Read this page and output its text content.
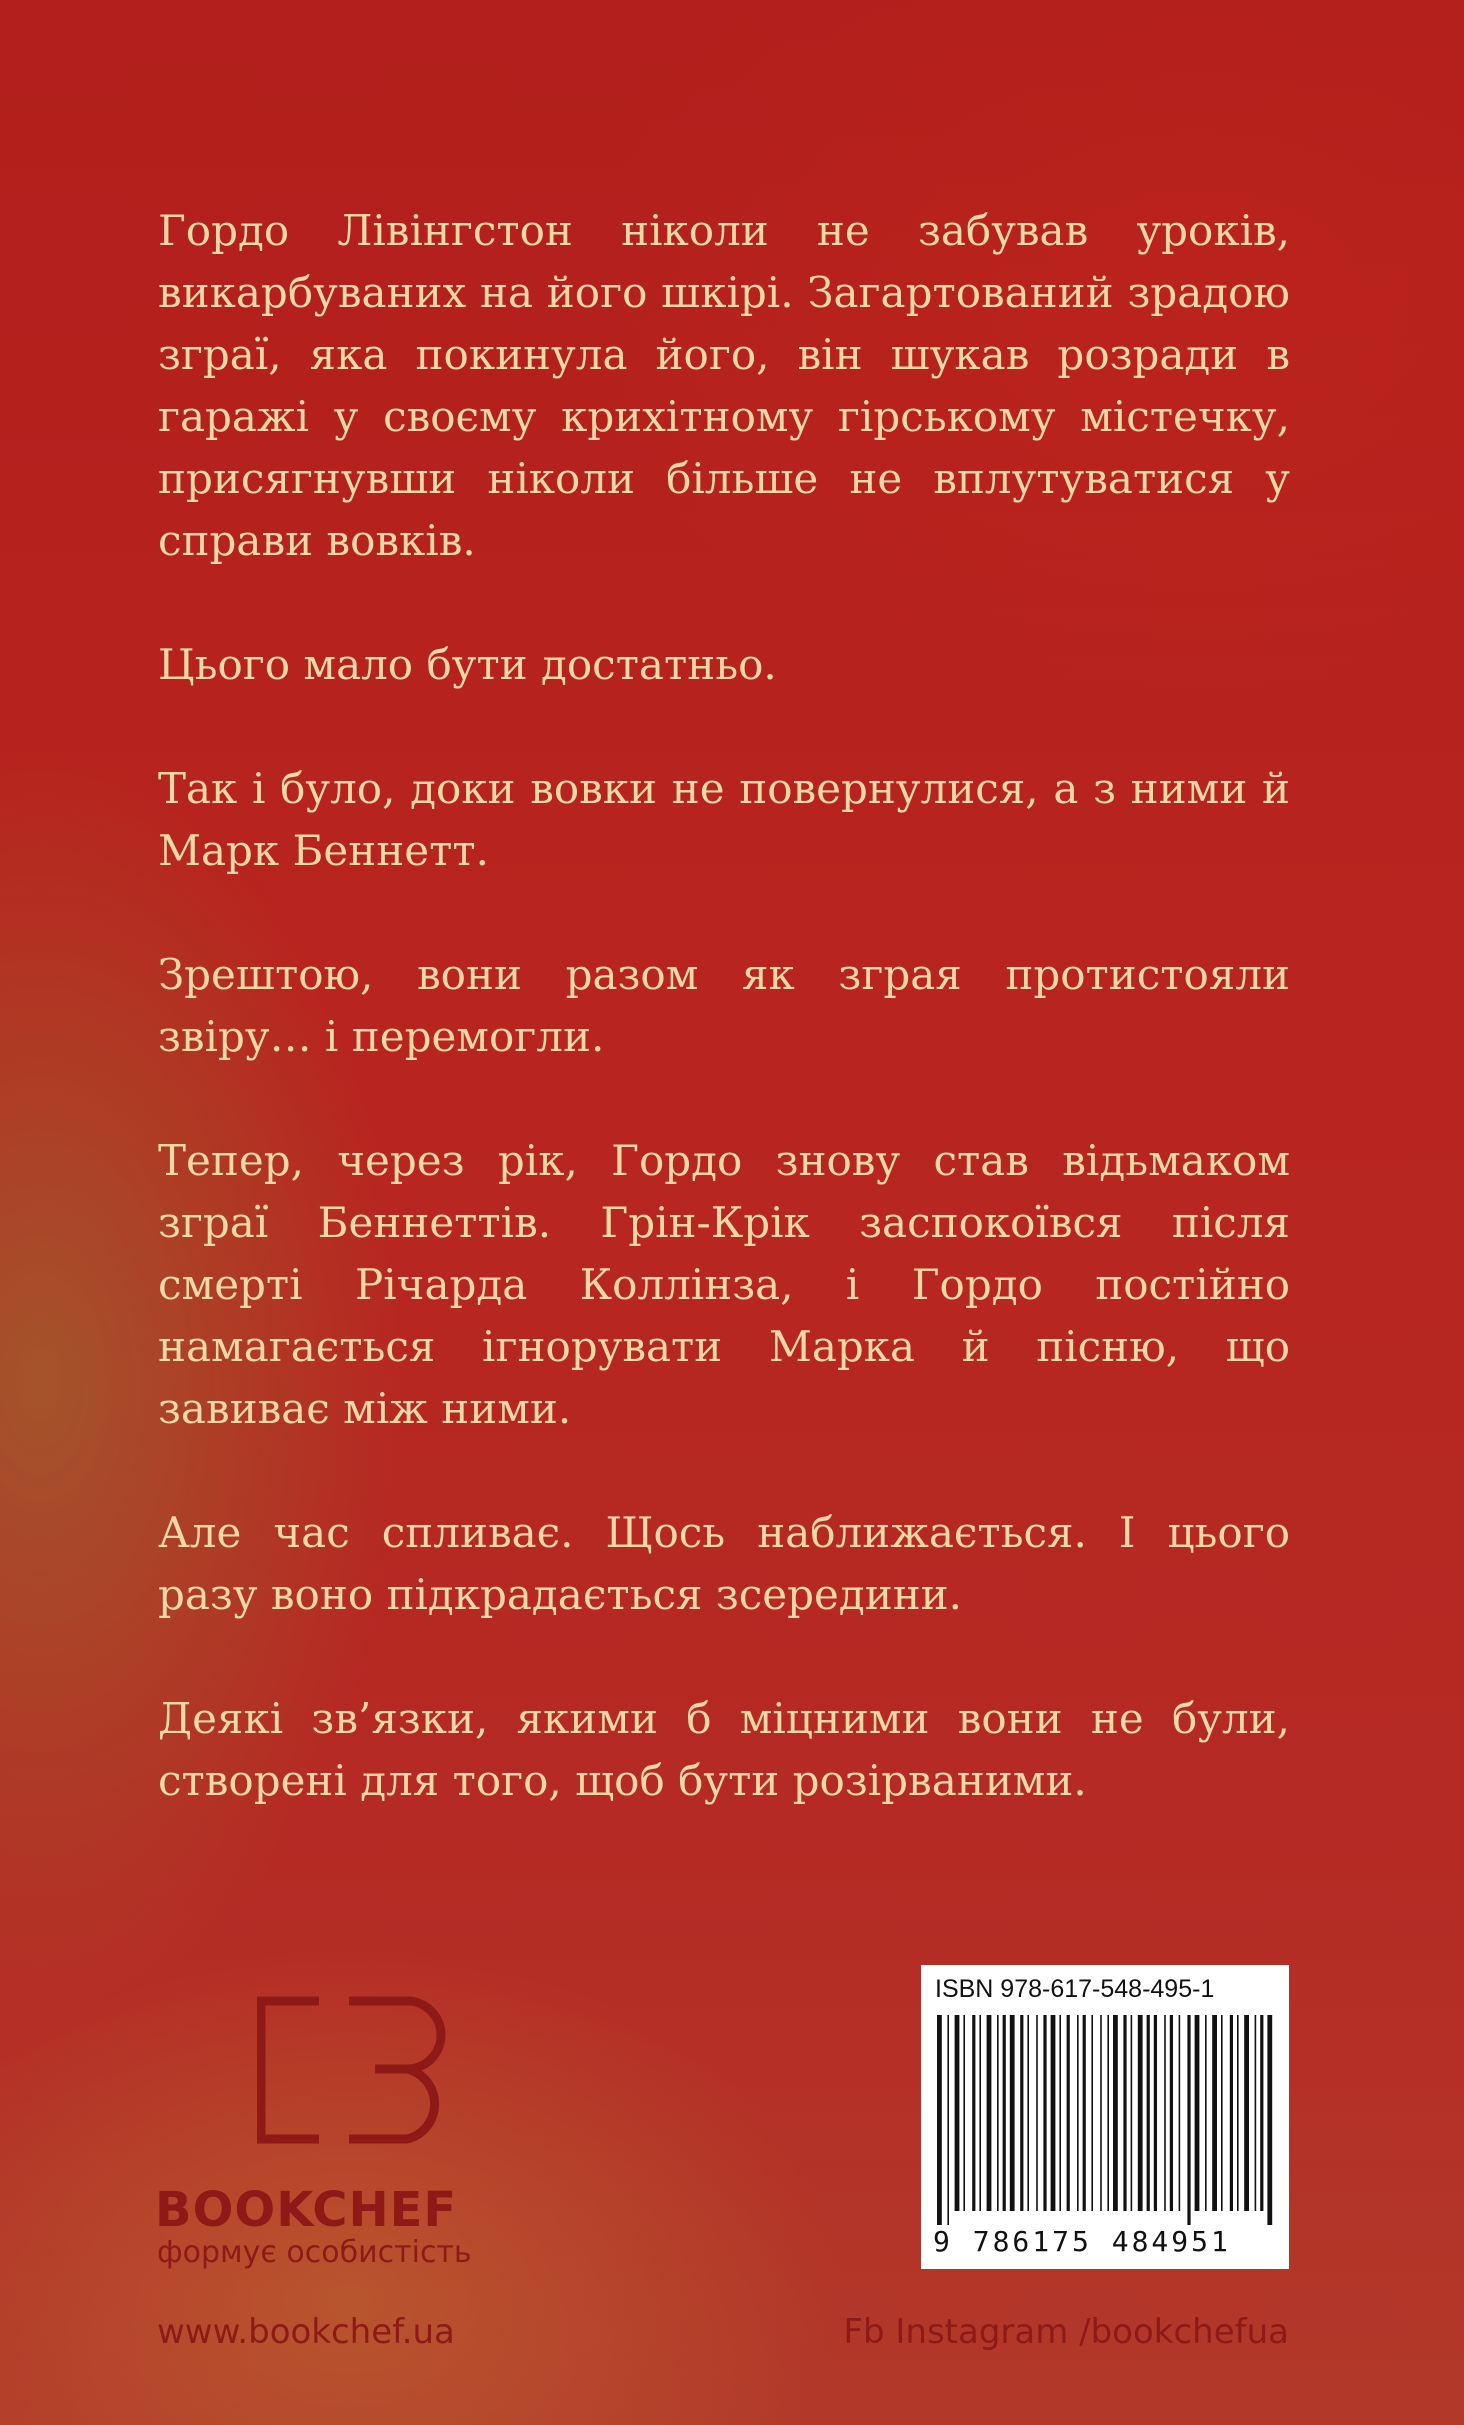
Гордо Лівінгстон ніколи не забував уроків, викарбуваних на його шкірі. Загартований зрадою зграї, яка покинула його, він шукав розради в гаражі у своєму крихітному гірському містечку, присягнувши ніколи більше не вплутуватися у справи вовків.

Цього мало бути достатньо.

Так і було, доки вовки не повернулися, а з ними й Марк Беннетт.

Зрештою, вони разом як зграя протистояли звіру… і перемогли.

Тепер, через рік, Гордо знову став відьмаком зграї Беннеттів. Грін-Крік заспокоївся після смерті Річарда Коллінза, і Гордо постійно намагається ігнорувати Марка й пісню, що завиває між ними.

Але час спливає. Щось наближається. І цього разу воно підкрадається зсередини.

Деякі зв’язки, якими б міцними вони не були, створені для того, щоб бути розірваними.

BOOKCHEF
формує особистість
ISBN 978-617-548-495-1
9 786175 484951
www.bookchef.ua	Fb Instagram /bookchefua
